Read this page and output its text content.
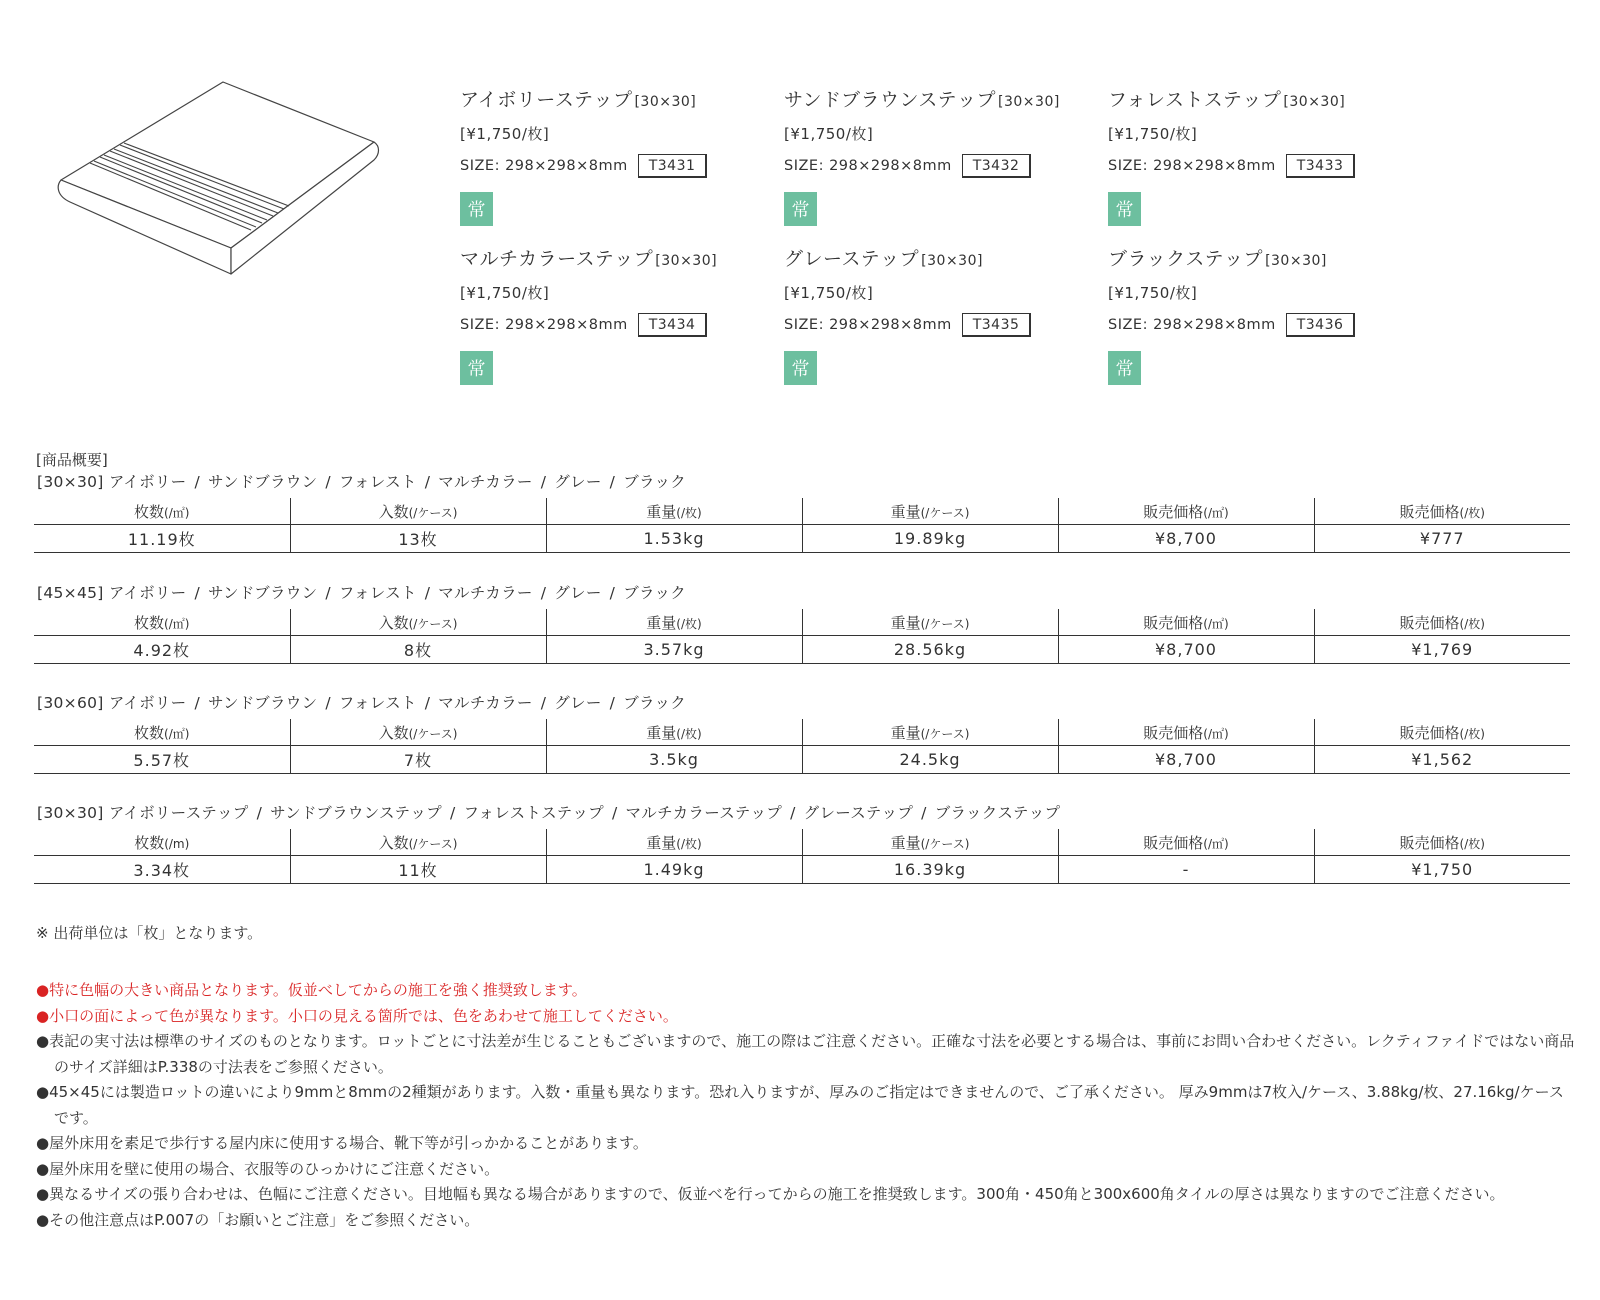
アイボリーステップ [30×30]
[¥1,750/枚]
SIZE: 298×298×8mm	T3431
常
サンドブラウンステップ [30×30]
[¥1,750/枚]
SIZE: 298×298×8mm	T3432
常
フォレストステップ [30×30]
[¥1,750/枚]
SIZE: 298×298×8mm	T3433
常
マルチカラーステップ [30×30]
[¥1,750/枚]
SIZE: 298×298×8mm	T3434
常
グレーステップ [30×30]
[¥1,750/枚]
SIZE: 298×298×8mm	T3435
常
ブラックステップ [30×30]
[¥1,750/枚]
SIZE: 298×298×8mm	T3436
常
[商品概要]
[30×30] アイボリー / サンドブラウン / フォレスト / マルチカラー / グレー / ブラック
枚数(/㎡)	入数(/ケース)	重量(/枚)	重量(/ケース)	販売価格(/㎡)	販売価格(/枚)
11.19枚	13枚	1.53kg	19.89kg	¥8,700	¥777
[45×45] アイボリー / サンドブラウン / フォレスト / マルチカラー / グレー / ブラック
枚数(/㎡)	入数(/ケース)	重量(/枚)	重量(/ケース)	販売価格(/㎡)	販売価格(/枚)
4.92枚	8枚	3.57kg	28.56kg	¥8,700	¥1,769
[30×60] アイボリー / サンドブラウン / フォレスト / マルチカラー / グレー / ブラック
枚数(/㎡)	入数(/ケース)	重量(/枚)	重量(/ケース)	販売価格(/㎡)	販売価格(/枚)
5.57枚	7枚	3.5kg	24.5kg	¥8,700	¥1,562
[30×30] アイボリーステップ / サンドブラウンステップ / フォレストステップ / マルチカラーステップ / グレーステップ / ブラックステップ
枚数(/m)	入数(/ケース)	重量(/枚)	重量(/ケース)	販売価格(/㎡)	販売価格(/枚)
3.34枚	11枚	1.49kg	16.39kg	-	¥1,750
※ 出荷単位は「枚」となります。
●特に色幅の大きい商品となります。仮並べしてからの施工を強く推奨致します。
●小口の面によって色が異なります。小口の見える箇所では、色をあわせて施工してください。
●表記の実寸法は標準のサイズのものとなります。ロットごとに寸法差が生じることもございますので、施工の際はご注意ください。正確な寸法を必要とする場合は、事前にお問い合わせください。レクティファイドではない商品のサイズ詳細はP.338の寸法表をご参照ください。
●45×45には製造ロットの違いにより9mmと8mmの2種類があります。入数・重量も異なります。恐れ入りますが、厚みのご指定はできませんので、ご了承ください。 厚み9mmは7枚入/ケース、3.88kg/枚、27.16kg/ケースです。
●屋外床用を素足で歩行する屋内床に使用する場合、靴下等が引っかかることがあります。
●屋外床用を壁に使用の場合、衣服等のひっかけにご注意ください。
●異なるサイズの張り合わせは、色幅にご注意ください。目地幅も異なる場合がありますので、仮並べを行ってからの施工を推奨致します。300角・450角と300x600角タイルの厚さは異なりますのでご注意ください。
●その他注意点はP.007の「お願いとご注意」をご参照ください。
